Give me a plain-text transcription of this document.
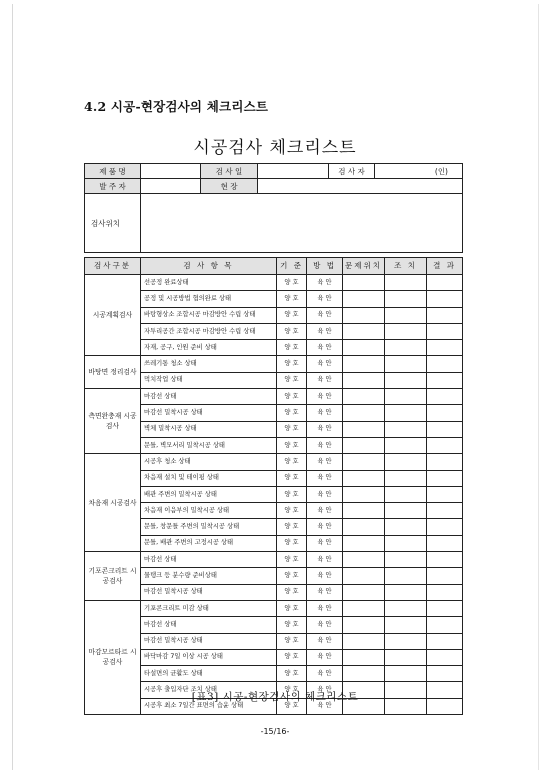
4.2 시공-현장검사의 체크리스트
시공검사 체크리스트
제 품 명		검 사 일		검 사 자	(인)
발 주 자		현 장			
검사위치					
검사구분	검 사 항 목	기 준	방 법	문제위치	조 치	결 과
시공계획검사	선공정 완료상태	양 호	육 안			
	공정 및 시공방법 협의완료 상태	양 호	육 안			
	바탕형상소 조합시공 마감방안 수립 상태	양 호	육 안			
	자투리공간 조합시공 마감방안 수립 상태	양 호	육 안			
	자재, 공구, 인원 준비 상태	양 호	육 안			
바탕면 정리검사	쓰레기통 청소 상태	양 호	육 안			
	먹치작업 상태	양 호	육 안			
측면완충재 시공검사	마감선 상태	양 호	육 안			
	마감선 밀착시공 상태	양 호	육 안			
	벽체 밀착시공 상태	양 호	육 안			
	문틀, 벽모서리 밀착시공 상태	양 호	육 안			
차음재 시공검사	시공후 청소 상태	양 호	육 안			
	차음재 설치 및 테이핑 상태	양 호	육 안			
	배관 주변의 밀착시공 상태	양 호	육 안			
	차음재 이음부의 밀착시공 상태	양 호	육 안			
	문틀, 창문틀 주변의 밀착시공 상태	양 호	육 안			
	문틀, 배관 주변의 고정시공 상태	양 호	육 안			
기포콘크리트 시공검사	마감선 상태	양 호	육 안			
	물탱크 등 분수량 준비상태	양 호	육 안			
	마감선 밀착시공 상태	양 호	육 안			
마감모르타르 시공검사	기포콘크리트 미감 상태	양 호	육 안			
	마감선 상태	양 호	육 안			
	마감선 밀착시공 상태	양 호	육 안			
	바닥마감 7일 이상 시공 상태	양 호	육 안			
	타설면의 균활도 상태	양 호	육 안			
	시공후 출입자단 조치 상태	양 호	육 안			
	시공후 최소 7일간 표면의 습윤 상태	양 호	육 안			
[표3] 시공-현장검사의 체크리스트
-15/16-
